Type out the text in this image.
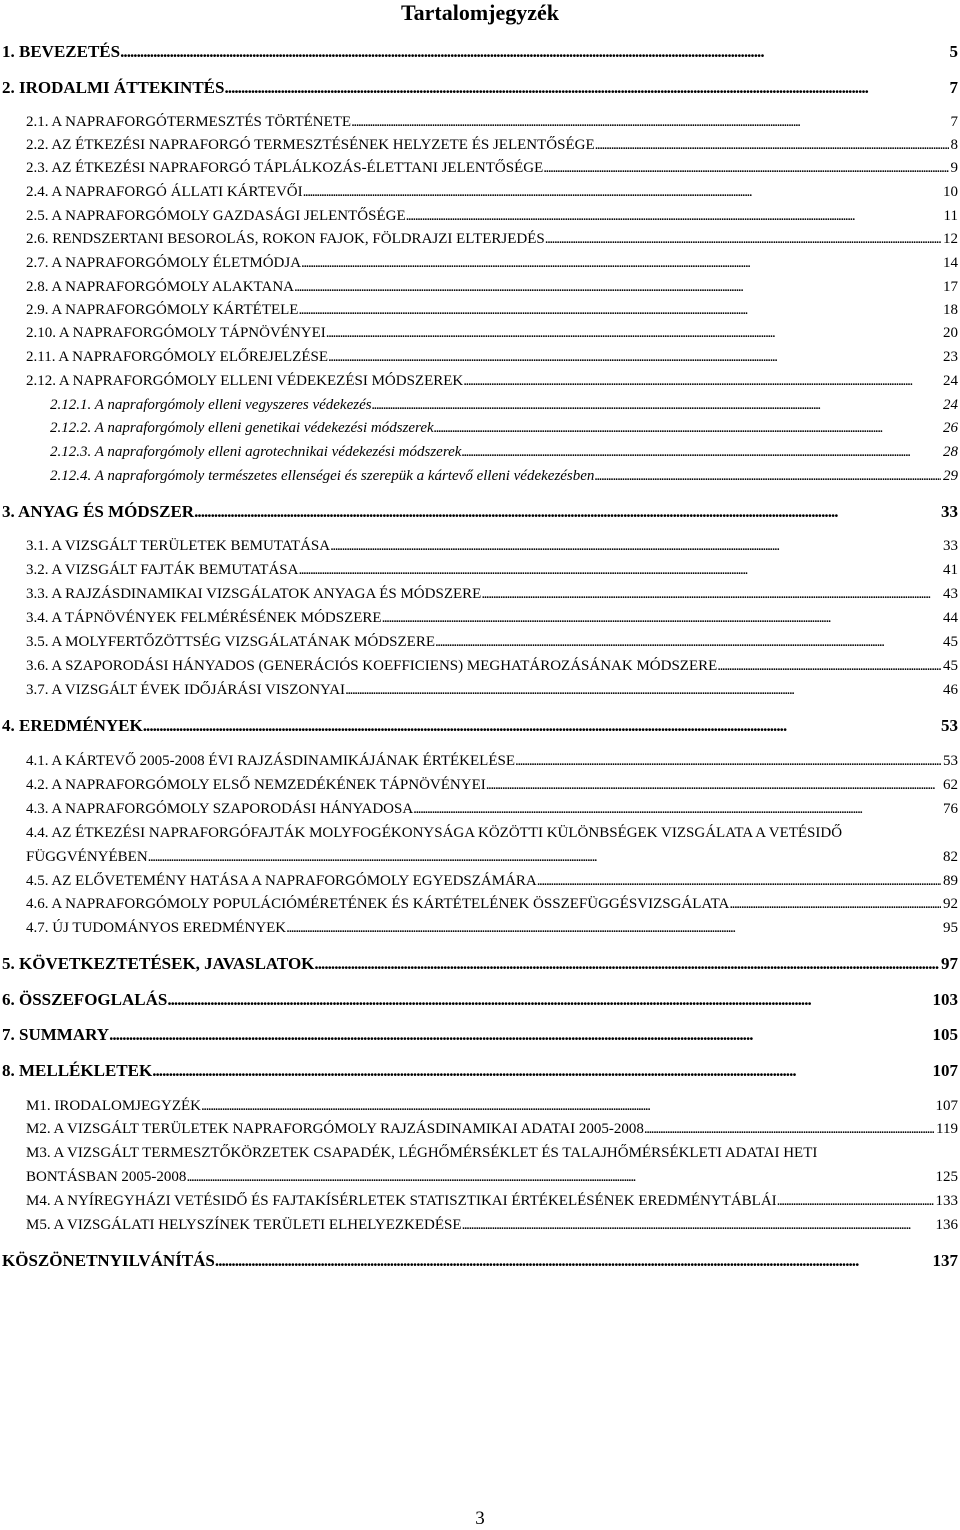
Tartalomjegyzék
1. BEVEZETÉS . . .	5
2. IRODALMI ÁTTEKINTÉS . . .	7
2.1. A NAPRAFORGÓTERMESZTÉS TÖRTÉNETE . . .	7
2.2. AZ ÉTKEZÉSI NAPRAFORGÓ TERMESZTÉSÉNEK HELYZETE ÉS JELENTŐSÉGE . . .	8
2.3. AZ ÉTKEZÉSI NAPRAFORGÓ TÁPLÁLKOZÁS-ÉLETTANI JELENTŐSÉGE . . .	9
2.4. A NAPRAFORGÓ ÁLLATI KÁRTEVŐI . . .	10
2.5. A NAPRAFORGÓMOLY GAZDASÁGI JELENTŐSÉGE . . .	11
2.6. RENDSZERTANI BESOROLÁS, ROKON FAJOK, FÖLDRAJZI ELTERJEDÉS . . .	12
2.7. A NAPRAFORGÓMOLY ÉLETMÓDJA . . .	14
2.8. A NAPRAFORGÓMOLY ALAKTANA . . .	17
2.9. A NAPRAFORGÓMOLY KÁRTÉTELE . . .	18
2.10. A NAPRAFORGÓMOLY TÁPNÖVÉNYEI . . .	20
2.11. A NAPRAFORGÓMOLY ELŐREJELZÉSE . . .	23
2.12. A NAPRAFORGÓMOLY ELLENI VÉDEKEZÉSI MÓDSZEREK . . .	24
2.12.1. A napraforgómoly elleni vegyszeres védekezés . . .	24
2.12.2. A napraforgómoly elleni genetikai védekezési módszerek . . .	26
2.12.3. A napraforgómoly elleni agrotechnikai védekezési módszerek . . .	28
2.12.4. A napraforgómoly természetes ellenségei és szerepük a kártevő elleni védekezésben . . .	29
3. ANYAG ÉS MÓDSZER . . .	33
3.1. A VIZSGÁLT TERÜLETEK BEMUTATÁSA . . .	33
3.2. A VIZSGÁLT FAJTÁK BEMUTATÁSA . . .	41
3.3. A RAJZÁSDINAMIKAI VIZSGÁLATOK ANYAGA ÉS MÓDSZERE . . .	43
3.4. A TÁPNÖVÉNYEK FELMÉRÉSÉNEK MÓDSZERE . . .	44
3.5. A MOLYFERTŐZÖTTSÉG VIZSGÁLATÁNAK MÓDSZERE . . .	45
3.6. A SZAPORODÁSI HÁNYADOS (GENERÁCIÓS KOEFFICIENS) MEGHATÁROZÁSÁNAK MÓDSZERE . . .	45
3.7. A VIZSGÁLT ÉVEK IDŐJÁRÁSI VISZONYAI . . .	46
4. EREDMÉNYEK . . .	53
4.1. A KÁRTEVŐ 2005-2008 ÉVI RAJZÁSDINAMIKÁJÁNAK ÉRTÉKELÉSE . . .	53
4.2. A NAPRAFORGÓMOLY ELSŐ NEMZEDÉKÉNEK TÁPNÖVÉNYEI . . .	62
4.3. A NAPRAFORGÓMOLY SZAPORODÁSI HÁNYADOSA . . .	76
4.4. AZ ÉTKEZÉSI NAPRAFORGÓFAJTÁK MOLYFOGÉKONYSÁGA KÖZÖTTI KÜLÖNBSÉGEK VIZSGÁLATA A VETÉSIDŐ
FÜGGVÉNYÉBEN . . .	82
4.5. AZ ELŐVETEMÉNY HATÁSA A NAPRAFORGÓMOLY EGYEDSZÁMÁRA . . .	89
4.6. A NAPRAFORGÓMOLY POPULÁCIÓMÉRETÉNEK ÉS KÁRTÉTELÉNEK ÖSSZEFÜGGÉSVIZSGÁLATA . . .	92
4.7. ÚJ TUDOMÁNYOS EREDMÉNYEK . . .	95
5. KÖVETKEZTETÉSEK, JAVASLATOK . . .	97
6. ÖSSZEFOGLALÁS . . .	103
7. SUMMARY . . .	105
8. MELLÉKLETEK . . .	107
M1. IRODALOMJEGYZÉK . . .	107
M2. A VIZSGÁLT TERÜLETEK NAPRAFORGÓMOLY RAJZÁSDINAMIKAI ADATAI 2005-2008 . . .	119
M3. A VIZSGÁLT TERMESZTŐKÖRZETEK CSAPADÉK, LÉGHŐMÉRSÉKLET ÉS TALAJHŐMÉRSÉKLETI ADATAI HETI
BONTÁSBAN 2005-2008 . . .	125
M4. A NYÍREGYHÁZI VETÉSIDŐ ÉS FAJTAKÍSÉRLETEK STATISZTIKAI ÉRTÉKELÉSÉNEK EREDMÉNYTÁBLÁI . . .	133
M5. A VIZSGÁLATI HELYSZÍNEK TERÜLETI ELHELYEZKEDÉSE . . .	136
KÖSZÖNETNYILVÁNÍTÁS . . .	137
3
